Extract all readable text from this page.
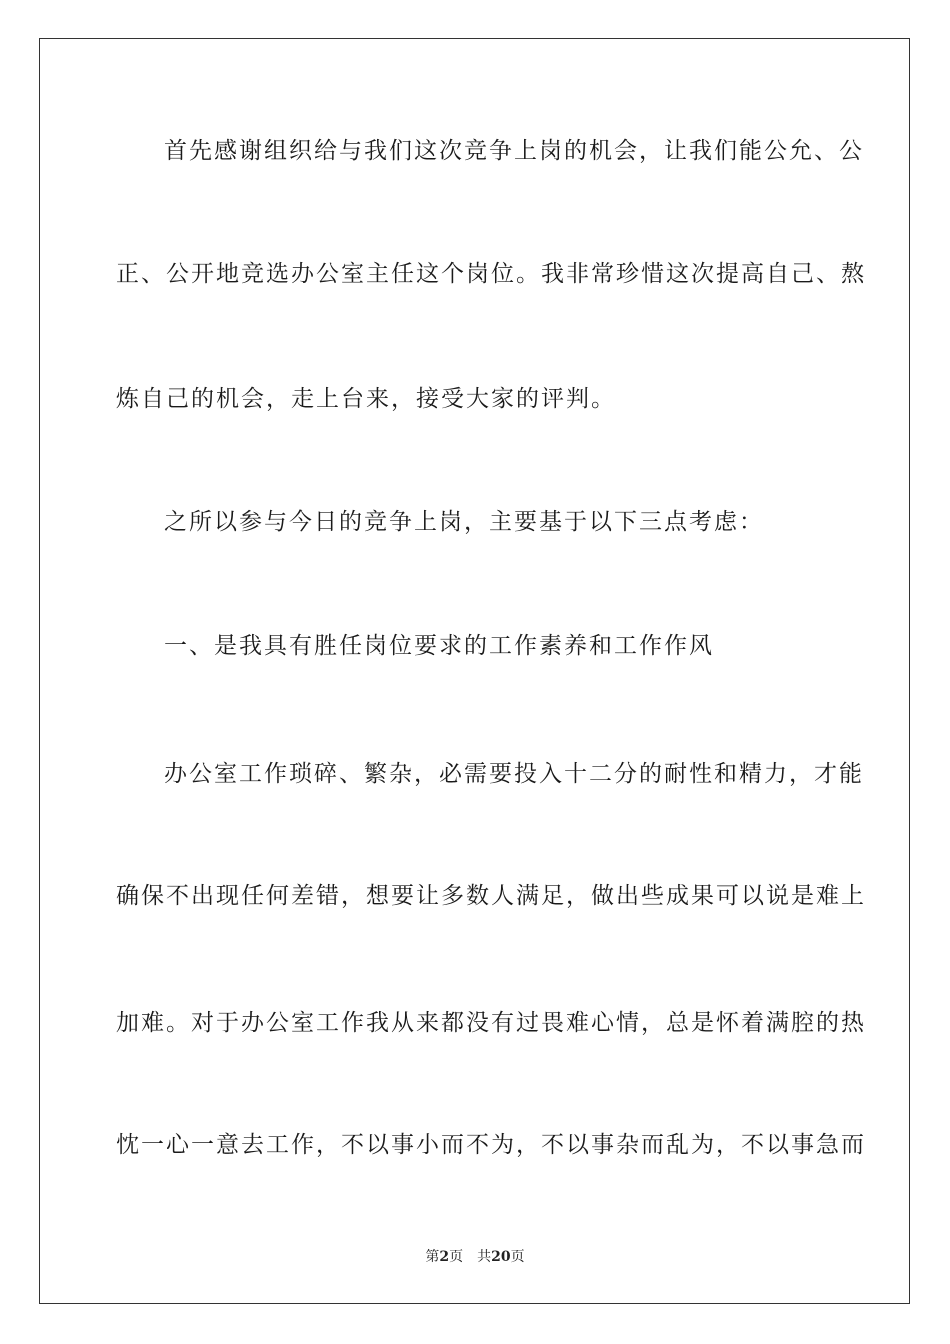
首先感谢组织给与我们这次竞争上岗的机会，让我们能公允、公
正、公开地竞选办公室主任这个岗位。我非常珍惜这次提高自己、熬
炼自己的机会，走上台来，接受大家的评判。
之所以参与今日的竞争上岗，主要基于以下三点考虑：
一、是我具有胜任岗位要求的工作素养和工作作风
办公室工作琐碎、繁杂，必需要投入十二分的耐性和精力，才能
确保不出现任何差错，想要让多数人满足，做出些成果可以说是难上
加难。对于办公室工作我从来都没有过畏难心情，总是怀着满腔的热
忱一心一意去工作，不以事小而不为，不以事杂而乱为，不以事急而
第2页 共20页
